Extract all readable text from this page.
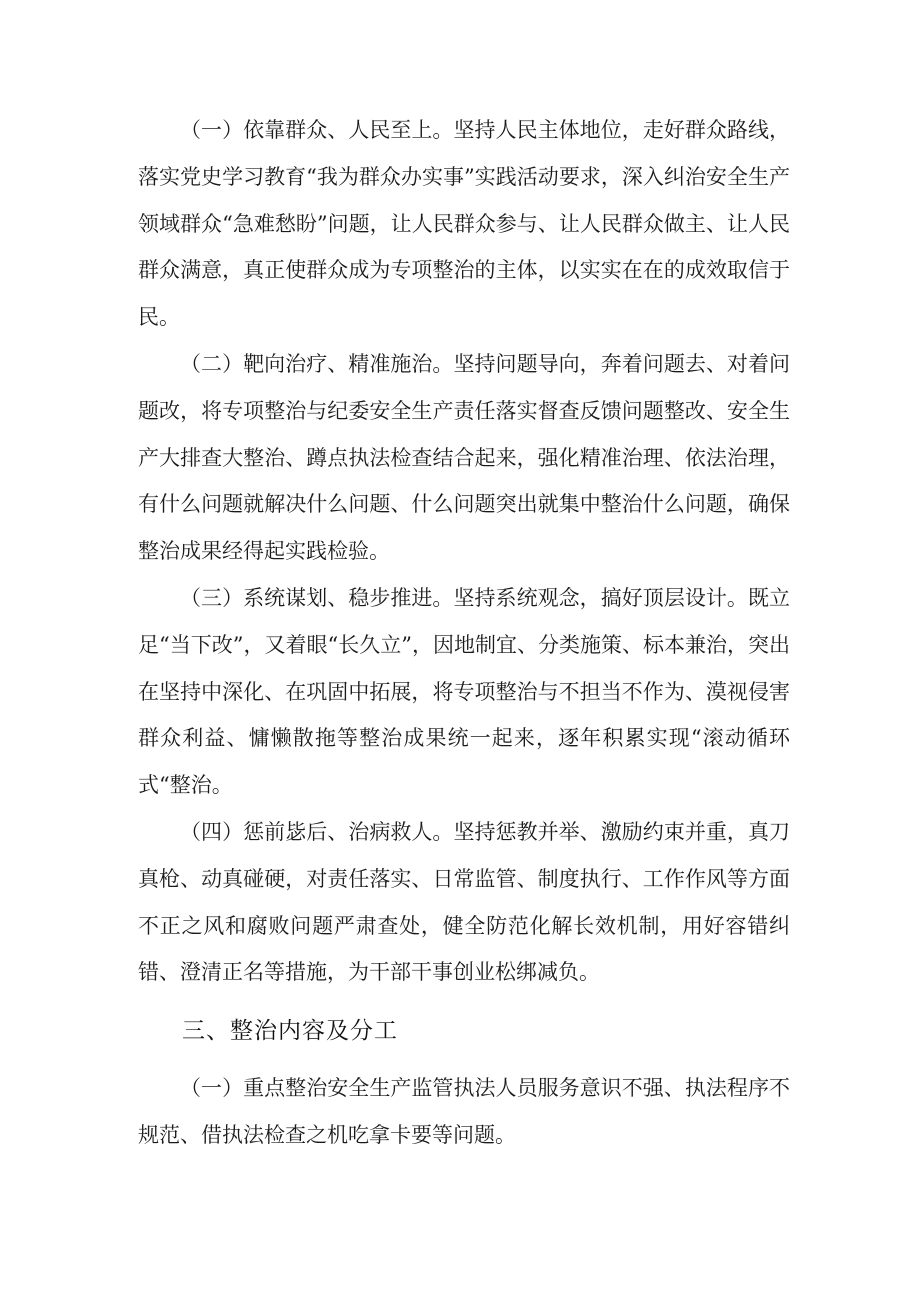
（一）依靠群众、人民至上。坚持人民主体地位，走好群众路线，落实党史学习教育“我为群众办实事”实践活动要求，深入纠治安全生产领域群众“急难愁盼”问题，让人民群众参与、让人民群众做主、让人民群众满意，真正使群众成为专项整治的主体，以实实在在的成效取信于民。

（二）靶向治疗、精准施治。坚持问题导向，奔着问题去、对着问题改，将专项整治与纪委安全生产责任落实督查反馈问题整改、安全生产大排查大整治、蹲点执法检查结合起来，强化精准治理、依法治理，有什么问题就解决什么问题、什么问题突出就集中整治什么问题，确保整治成果经得起实践检验。

（三）系统谋划、稳步推进。坚持系统观念，搞好顶层设计。既立足“当下改”，又着眼“长久立”，因地制宜、分类施策、标本兼治，突出在坚持中深化、在巩固中拓展，将专项整治与不担当不作为、漠视侵害群众利益、慵懒散拖等整治成果统一起来，逐年积累实现“滚动循环式“整治。

（四）惩前毖后、治病救人。坚持惩教并举、激励约束并重，真刀真枪、动真碰硬，对责任落实、日常监管、制度执行、工作作风等方面不正之风和腐败问题严肃查处，健全防范化解长效机制，用好容错纠错、澄清正名等措施，为干部干事创业松绑减负。

三、整治内容及分工

（一）重点整治安全生产监管执法人员服务意识不强、执法程序不规范、借执法检查之机吃拿卡要等问题。
